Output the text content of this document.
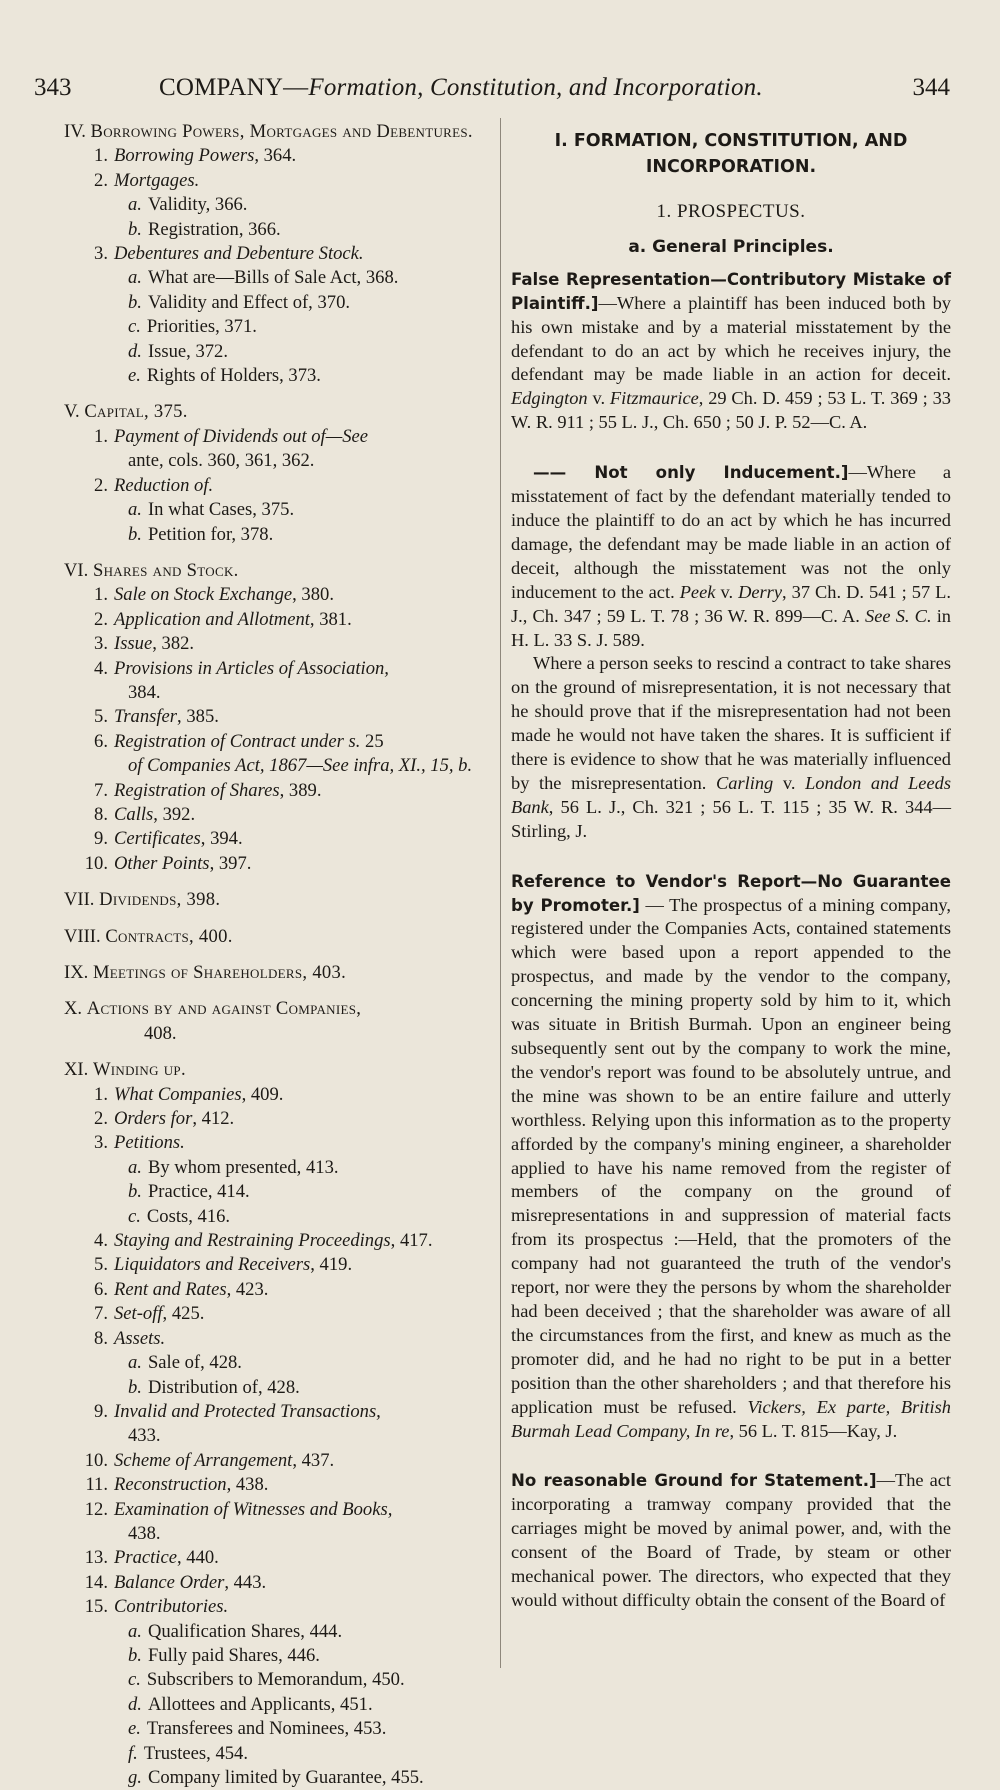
343	COMPANY—Formation, Constitution, and Incorporation.	344
IV. Borrowing Powers, Mortgages and Debentures.
1. Borrowing Powers, 364.
2. Mortgages.
a. Validity, 366.
b. Registration, 366.
3. Debentures and Debenture Stock.
a. What are—Bills of Sale Act, 368.
b. Validity and Effect of, 370.
c. Priorities, 371.
d. Issue, 372.
e. Rights of Holders, 373.
V. Capital, 375.
1. Payment of Dividends out of—See
ante, cols. 360, 361, 362.
2. Reduction of.
a. In what Cases, 375.
b. Petition for, 378.
VI. Shares and Stock.
1. Sale on Stock Exchange, 380.
2. Application and Allotment, 381.
3. Issue, 382.
4. Provisions in Articles of Association,
384.
5. Transfer, 385.
6. Registration of Contract under s. 25
of Companies Act, 1867—See infra, XI., 15, b.
7. Registration of Shares, 389.
8. Calls, 392.
9. Certificates, 394.
10. Other Points, 397.
VII. Dividends, 398.
VIII. Contracts, 400.
IX. Meetings of Shareholders, 403.
X. Actions by and against Companies,
408.
XI. Winding up.
1. What Companies, 409.
2. Orders for, 412.
3. Petitions.
a. By whom presented, 413.
b. Practice, 414.
c. Costs, 416.
4. Staying and Restraining Proceedings, 417.
5. Liquidators and Receivers, 419.
6. Rent and Rates, 423.
7. Set-off, 425.
8. Assets.
a. Sale of, 428.
b. Distribution of, 428.
9. Invalid and Protected Transactions,
433.
10. Scheme of Arrangement, 437.
11. Reconstruction, 438.
12. Examination of Witnesses and Books,
438.
13. Practice, 440.
14. Balance Order, 443.
15. Contributories.
a. Qualification Shares, 444.
b. Fully paid Shares, 446.
c. Subscribers to Memorandum, 450.
d. Allottees and Applicants, 451.
e. Transferees and Nominees, 453.
f. Trustees, 454.
g. Company limited by Guarantee, 455.

I. FORMATION, CONSTITUTION, AND INCORPORATION.

1. PROSPECTUS.

a. General Principles.

False Representation—Contributory Mistake of Plaintiff.]—Where a plaintiff has been induced both by his own mistake and by a material misstatement by the defendant to do an act by which he receives injury, the defendant may be made liable in an action for deceit. Edgington v. Fitzmaurice, 29 Ch. D. 459 ; 53 L. T. 369 ; 33 W. R. 911 ; 55 L. J., Ch. 650 ; 50 J. P. 52—C. A.

—— Not only Inducement.]—Where a misstatement of fact by the defendant materially tended to induce the plaintiff to do an act by which he has incurred damage, the defendant may be made liable in an action of deceit, although the misstatement was not the only inducement to the act. Peek v. Derry, 37 Ch. D. 541 ; 57 L. J., Ch. 347 ; 59 L. T. 78 ; 36 W. R. 899—C. A. See S. C. in H. L. 33 S. J. 589.

Where a person seeks to rescind a contract to take shares on the ground of misrepresentation, it is not necessary that he should prove that if the misrepresentation had not been made he would not have taken the shares. It is sufficient if there is evidence to show that he was materially influenced by the misrepresentation. Carling v. London and Leeds Bank, 56 L. J., Ch. 321 ; 56 L. T. 115 ; 35 W. R. 344—Stirling, J.

Reference to Vendor's Report—No Guarantee by Promoter.] — The prospectus of a mining company, registered under the Companies Acts, contained statements which were based upon a report appended to the prospectus, and made by the vendor to the company, concerning the mining property sold by him to it, which was situate in British Burmah. Upon an engineer being subsequently sent out by the company to work the mine, the vendor's report was found to be absolutely untrue, and the mine was shown to be an entire failure and utterly worthless. Relying upon this information as to the property afforded by the company's mining engineer, a shareholder applied to have his name removed from the register of members of the company on the ground of misrepresentations in and suppression of material facts from its prospectus :—Held, that the promoters of the company had not guaranteed the truth of the vendor's report, nor were they the persons by whom the shareholder had been deceived ; that the shareholder was aware of all the circumstances from the first, and knew as much as the promoter did, and he had no right to be put in a better position than the other shareholders ; and that therefore his application must be refused. Vickers, Ex parte, British Burmah Lead Company, In re, 56 L. T. 815—Kay, J.

No reasonable Ground for Statement.]—The act incorporating a tramway company provided that the carriages might be moved by animal power, and, with the consent of the Board of Trade, by steam or other mechanical power. The directors, who expected that they would without difficulty obtain the consent of the Board of
